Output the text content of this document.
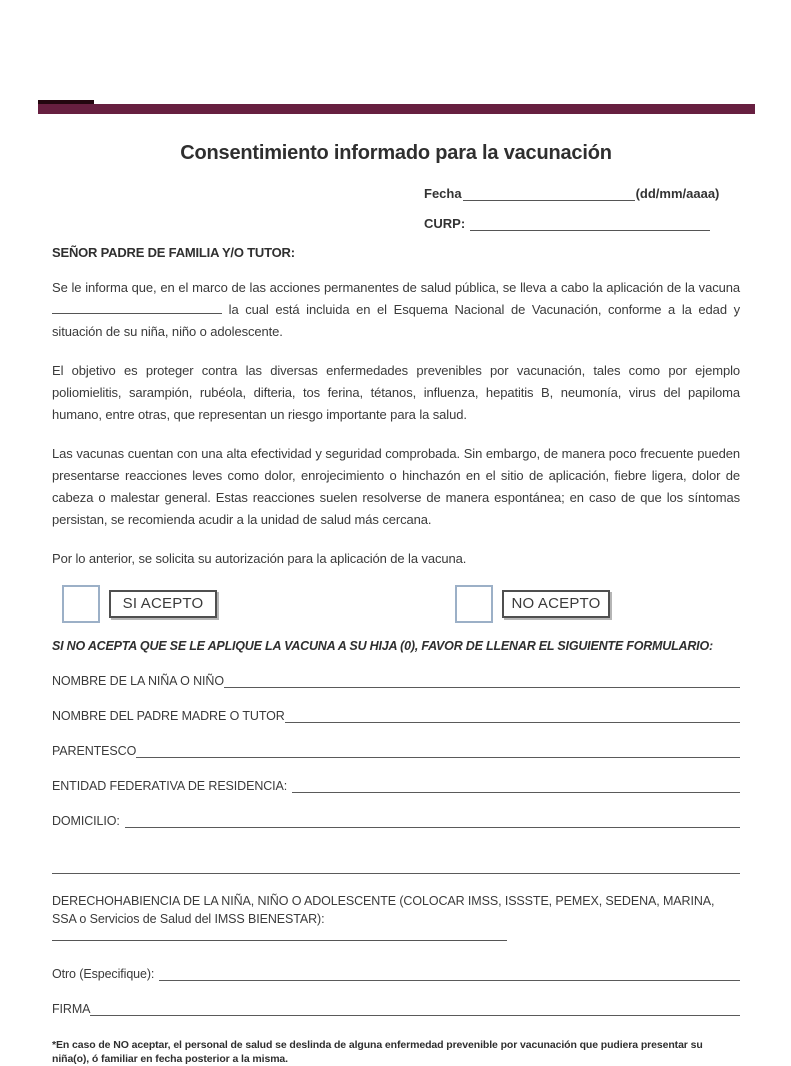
Consentimiento informado para la vacunación
Fecha	(dd/mm/aaaa)
CURP:

SEÑOR PADRE DE FAMILIA Y/O TUTOR:

Se le informa que, en el marco de las acciones permanentes de salud pública, se lleva a cabo la aplicación de la vacuna  la cual está incluida en el Esquema Nacional de Vacunación, conforme a la edad y situación de su niña, niño o adolescente.

El objetivo es proteger contra las diversas enfermedades prevenibles por vacunación, tales como por ejemplo poliomielitis, sarampión, rubéola, difteria, tos ferina, tétanos, influenza, hepatitis B, neumonía, virus del papiloma humano, entre otras, que representan un riesgo importante para la salud.

Las vacunas cuentan con una alta efectividad y seguridad comprobada. Sin embargo, de manera poco frecuente pueden presentarse reacciones leves como dolor, enrojecimiento o hinchazón en el sitio de aplicación, fiebre ligera, dolor de cabeza o malestar general. Estas reacciones suelen resolverse de manera espontánea; en caso de que los síntomas persistan, se recomienda acudir a la unidad de salud más cercana.

Por lo anterior, se solicita su autorización para la aplicación de la vacuna.

SI ACEPTO	NO ACEPTO

SI NO ACEPTA QUE SE LE APLIQUE LA VACUNA A SU HIJA (0), FAVOR DE LLENAR EL SIGUIENTE FORMULARIO:

NOMBRE DE LA NIÑA O NIÑO
NOMBRE DEL PADRE MADRE O TUTOR
PARENTESCO
ENTIDAD FEDERATIVA DE RESIDENCIA:
DOMICILIO:

DERECHOHABIENCIA DE LA NIÑA, NIÑO O ADOLESCENTE (COLOCAR IMSS, ISSSTE, PEMEX, SEDENA, MARINA, SSA o Servicios de Salud del IMSS BIENESTAR):

Otro (Especifique):
FIRMA

*En caso de NO aceptar, el personal de salud se deslinda de alguna enfermedad prevenible por vacunación que pudiera presentar su niña(o), ó familiar en fecha posterior a la misma.
